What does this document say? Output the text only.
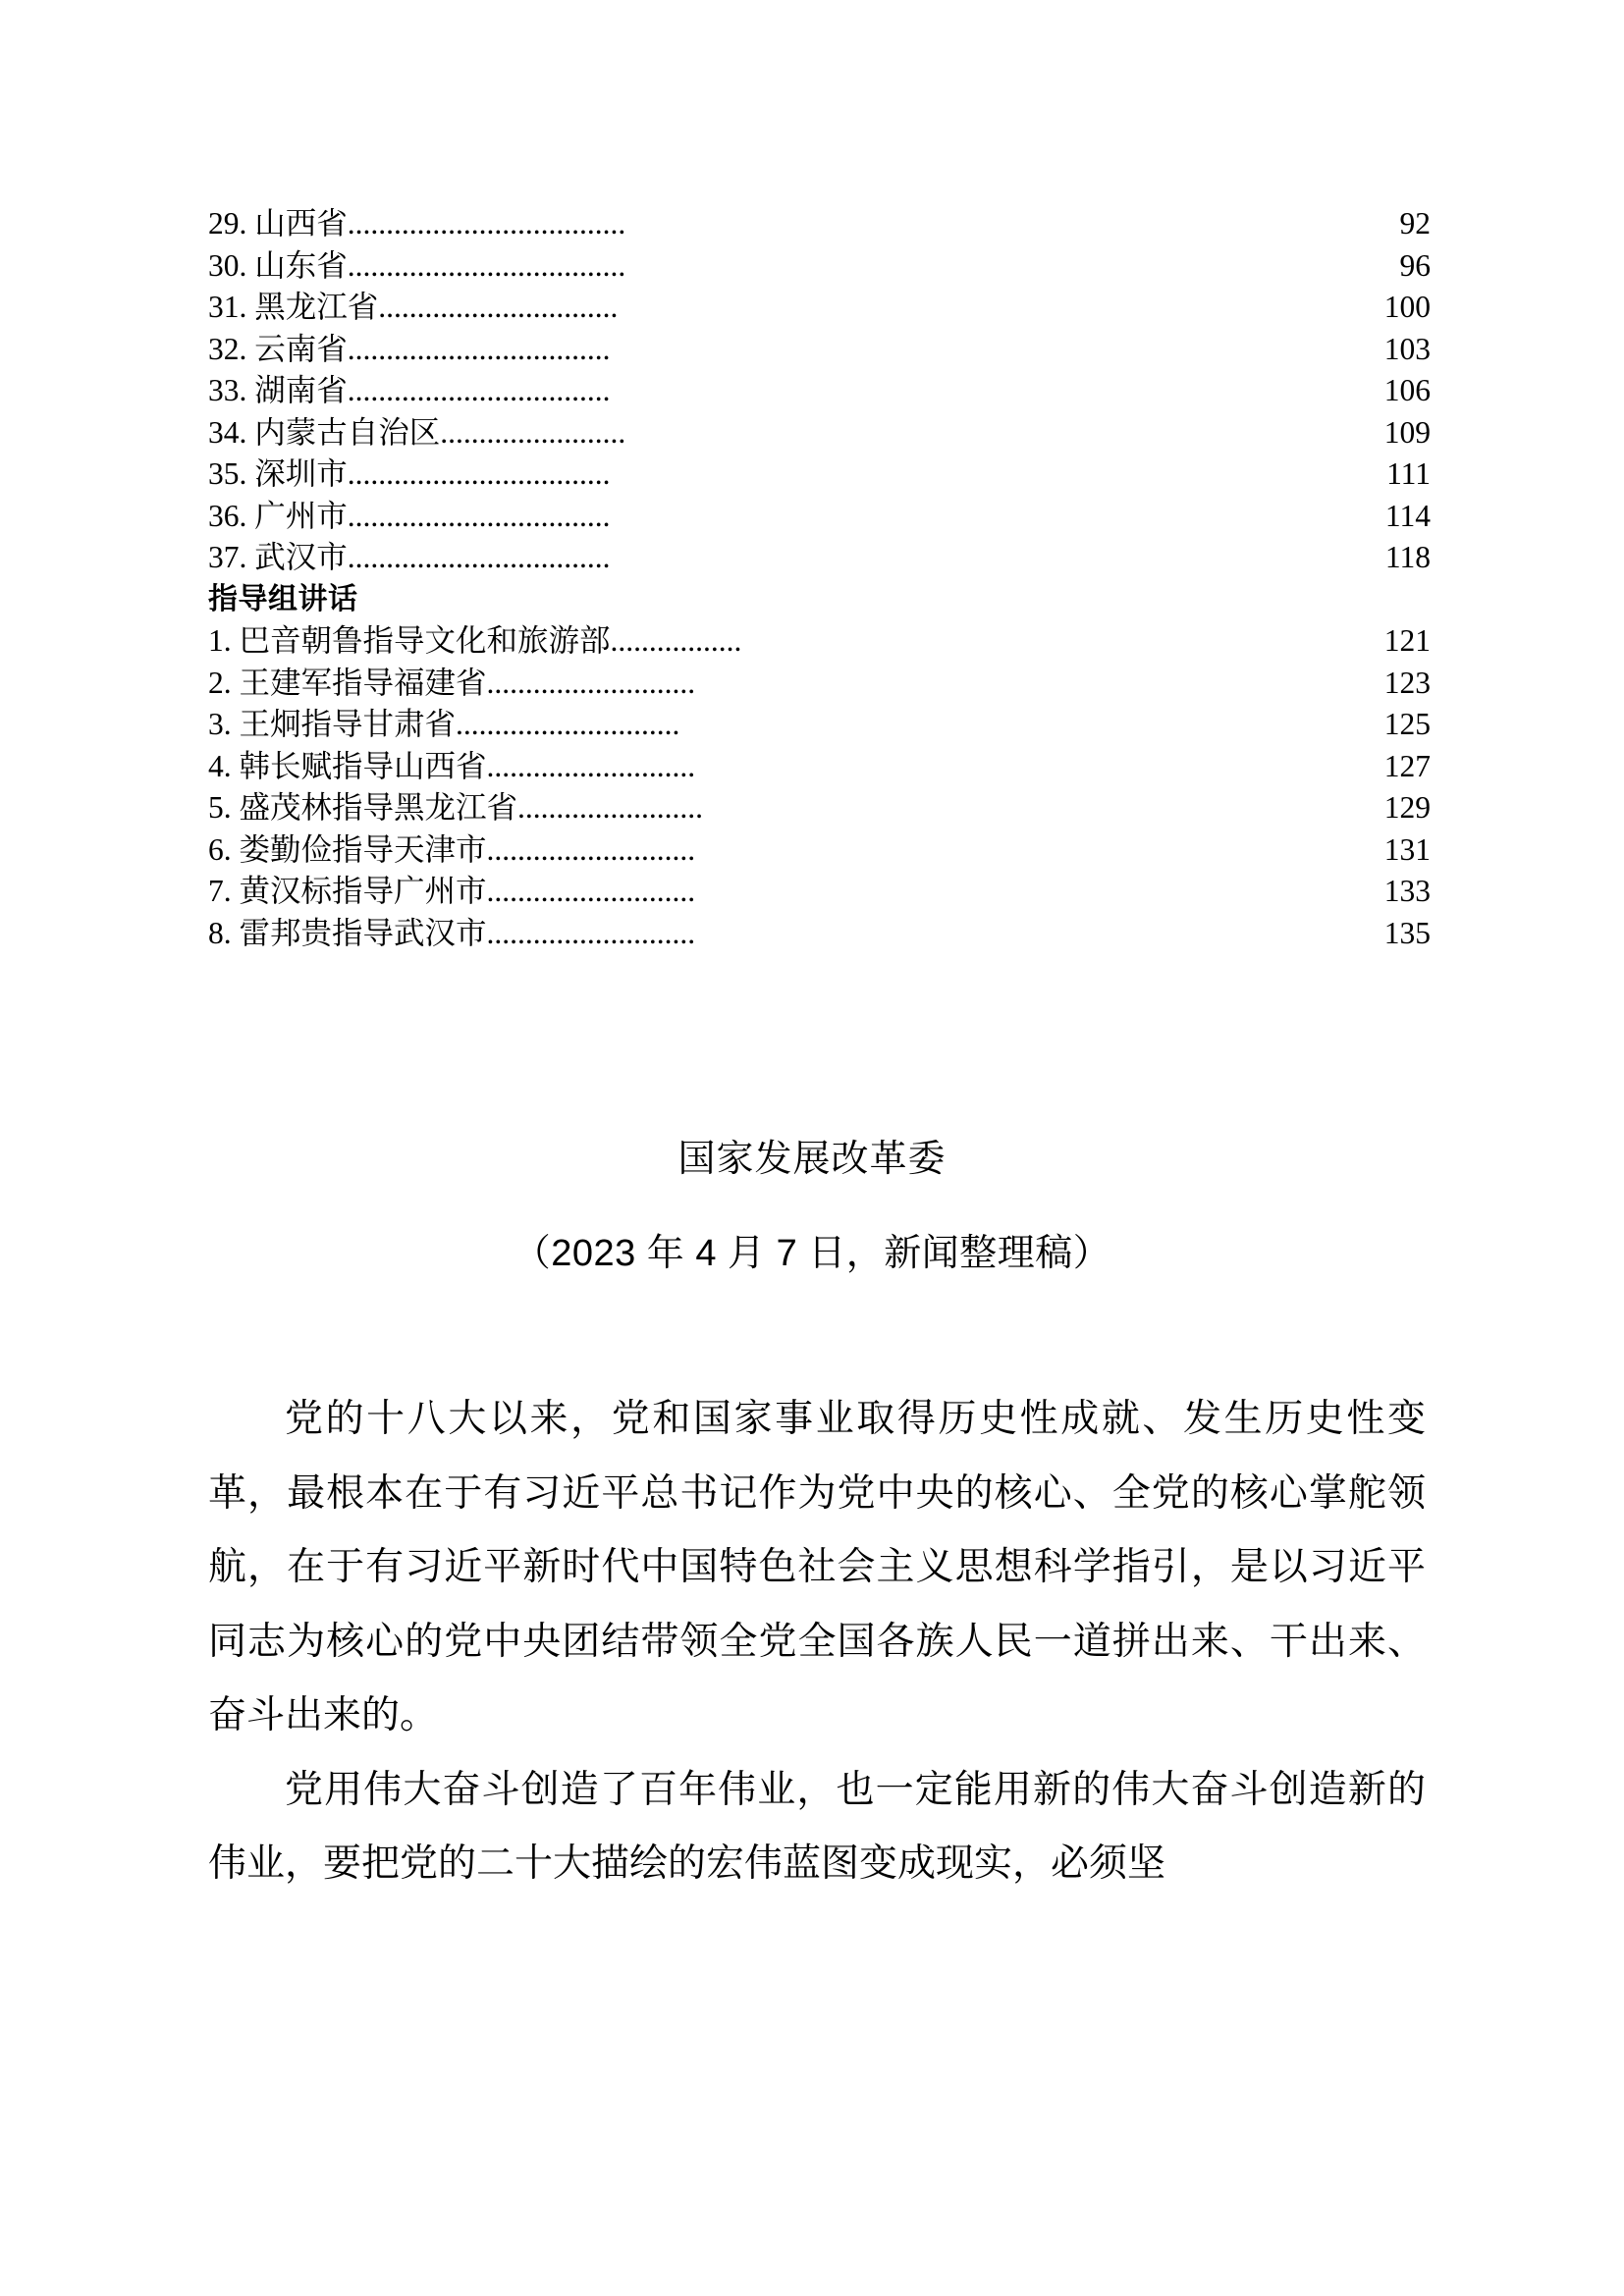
29. 山西省 ....................................	92
30. 山东省 ....................................	96
31. 黑龙江省 ...............................	100
32. 云南省 ..................................	103
33. 湖南省 ..................................	106
34. 内蒙古自治区 ........................	109
35. 深圳市 ..................................	111
36. 广州市 ..................................	114
37. 武汉市 ..................................	118
指导组讲话
1. 巴音朝鲁指导文化和旅游部 .................	121
2. 王建军指导福建省 ...........................	123
3. 王炯指导甘肃省 .............................	125
4. 韩长赋指导山西省 ...........................	127
5. 盛茂林指导黑龙江省 ........................	129
6. 娄勤俭指导天津市 ...........................	131
7. 黄汉标指导广州市 ...........................	133
8. 雷邦贵指导武汉市 ...........................	135
国家发展改革委
（2023 年 4 月 7 日，新闻整理稿）

党的十八大以来，党和国家事业取得历史性成就、发生历史性变革，最根本在于有习近平总书记作为党中央的核心、全党的核心掌舵领航，在于有习近平新时代中国特色社会主义思想科学指引，是以习近平同志为核心的党中央团结带领全党全国各族人民一道拼出来、干出来、奋斗出来的。

党用伟大奋斗创造了百年伟业，也一定能用新的伟大奋斗创造新的伟业，要把党的二十大描绘的宏伟蓝图变成现实，必须坚
